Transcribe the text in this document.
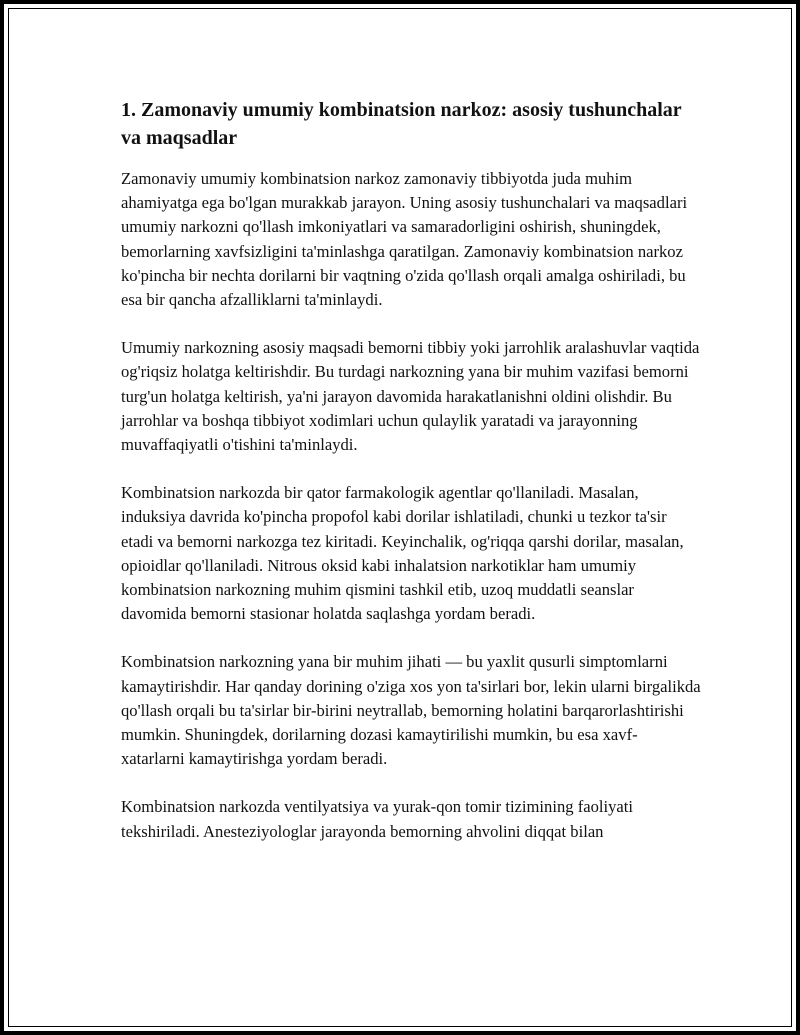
1. Zamonaviy umumiy kombinatsion narkoz: asosiy tushunchalar va maqsadlar

Zamonaviy umumiy kombinatsion narkoz zamonaviy tibbiyotda juda muhim ahamiyatga ega bo'lgan murakkab jarayon. Uning asosiy tushunchalari va maqsadlari umumiy narkozni qo'llash imkoniyatlari va samaradorligini oshirish, shuningdek, bemorlarning xavfsizligini ta'minlashga qaratilgan. Zamonaviy kombinatsion narkoz ko'pincha bir nechta dorilarni bir vaqtning o'zida qo'llash orqali amalga oshiriladi, bu esa bir qancha afzalliklarni ta'minlaydi.

Umumiy narkozning asosiy maqsadi bemorni tibbiy yoki jarrohlik aralashuvlar vaqtida og'riqsiz holatga keltirishdir. Bu turdagi narkozning yana bir muhim vazifasi bemorni turg'un holatga keltirish, ya'ni jarayon davomida harakatlanishni oldini olishdir. Bu jarrohlar va boshqa tibbiyot xodimlari uchun qulaylik yaratadi va jarayonning muvaffaqiyatli o'tishini ta'minlaydi.

Kombinatsion narkozda bir qator farmakologik agentlar qo'llaniladi. Masalan, induksiya davrida ko'pincha propofol kabi dorilar ishlatiladi, chunki u tezkor ta'sir etadi va bemorni narkozga tez kiritadi. Keyinchalik, og'riqqa qarshi dorilar, masalan, opioidlar qo'llaniladi. Nitrous oksid kabi inhalatsion narkotiklar ham umumiy kombinatsion narkozning muhim qismini tashkil etib, uzoq muddatli seanslar davomida bemorni stasionar holatda saqlashga yordam beradi.

Kombinatsion narkozning yana bir muhim jihati — bu yaxlit qusurli simptomlarni kamaytirishdir. Har qanday dorining o'ziga xos yon ta'sirlari bor, lekin ularni birgalikda qo'llash orqali bu ta'sirlar bir-birini neytrallab, bemorning holatini barqarorlashtirishi mumkin. Shuningdek, dorilarning dozasi kamaytirilishi mumkin, bu esa xavf-xatarlarni kamaytirishga yordam beradi.

Kombinatsion narkozda ventilyatsiya va yurak-qon tomir tizimining faoliyati tekshiriladi. Anesteziyologlar jarayonda bemorning ahvolini diqqat bilan
